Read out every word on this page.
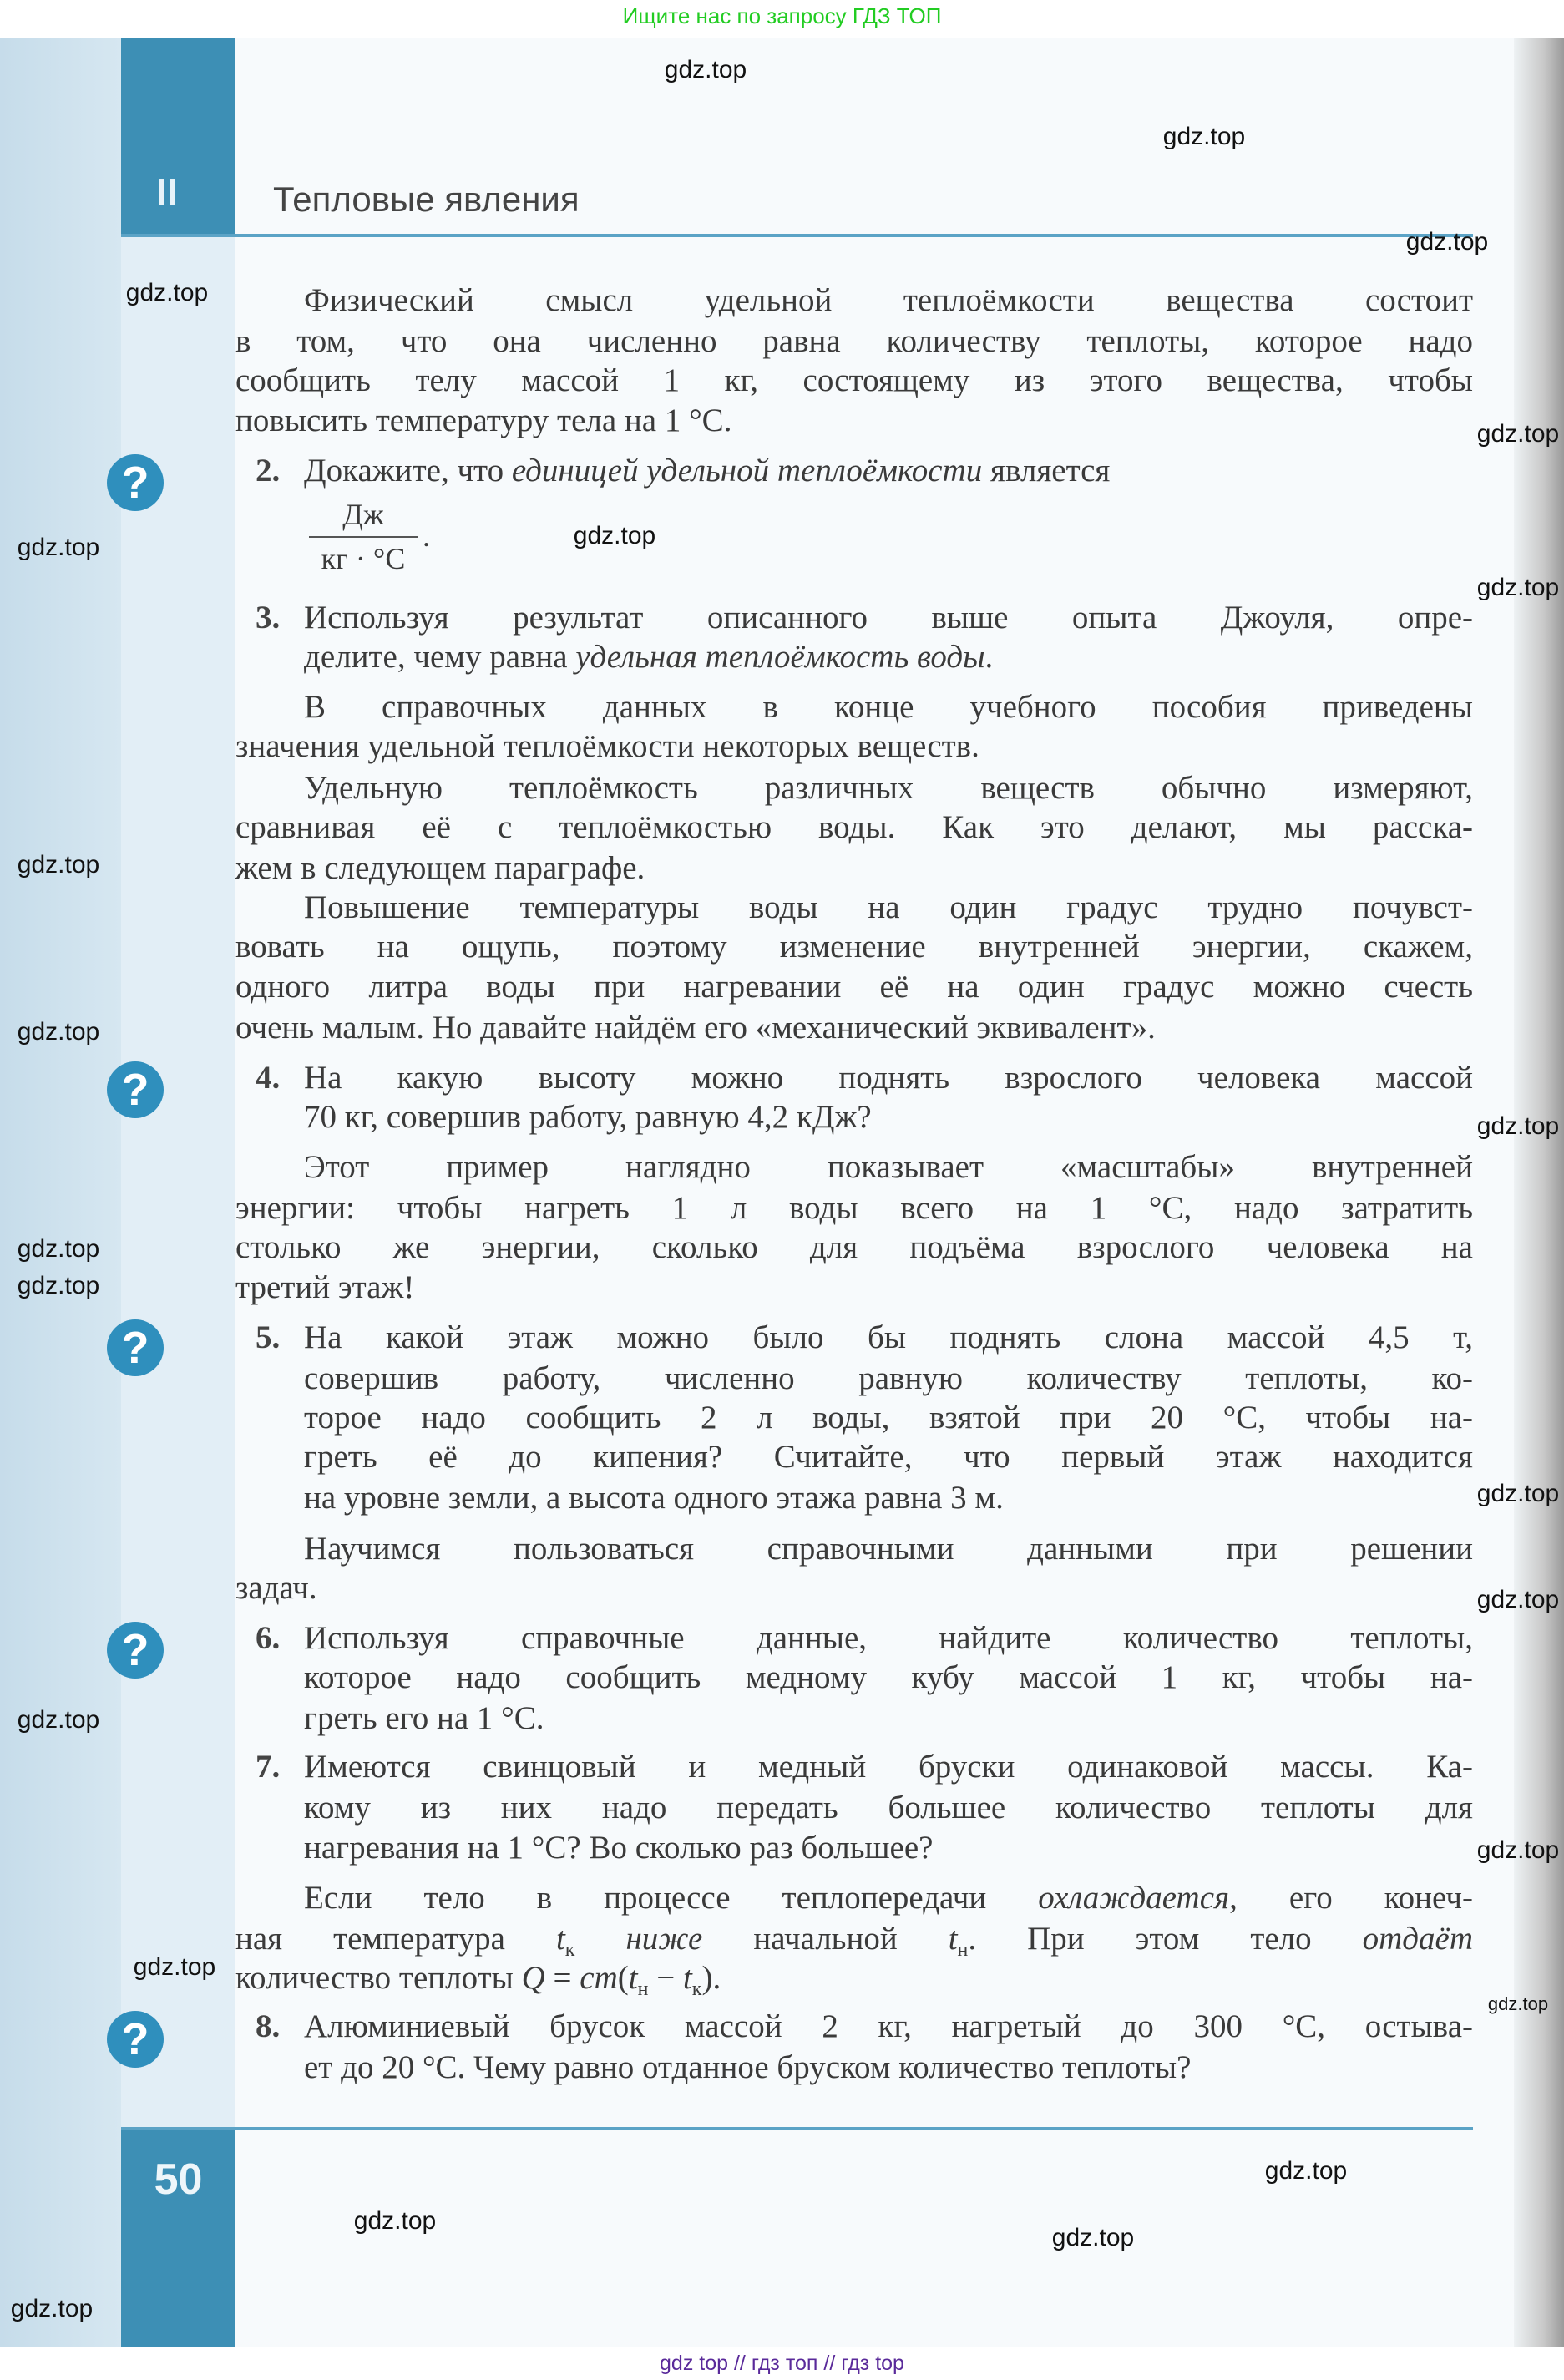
Ищите нас по запросу ГДЗ ТОП
II	Тепловые явления
50
Физический смысл удельной теплоёмкости вещества состоит
в том, что она численно равна количеству теплоты, которое надо
сообщить телу массой 1 кг, состоящему из этого вещества, чтобы
повысить температуру тела на 1 °C.
2. Докажите, что единицей удельной теплоёмкости является
3. Используя результат описанного выше опыта Джоуля, опре-
делите, чему равна удельная теплоёмкость воды.
В справочных данных в конце учебного пособия приведены
значения удельной теплоёмкости некоторых веществ.
Удельную теплоёмкость различных веществ обычно измеряют,
сравнивая её с теплоёмкостью воды. Как это делают, мы расска-
жем в следующем параграфе.
Повышение температуры воды на один градус трудно почувст-
вовать на ощупь, поэтому изменение внутренней энергии, скажем,
одного литра воды при нагревании её на один градус можно счесть
очень малым. Но давайте найдём его «механический эквивалент».
4. На какую высоту можно поднять взрослого человека массой
70 кг, совершив работу, равную 4,2 кДж?
Этот пример наглядно показывает «масштабы» внутренней
энергии: чтобы нагреть 1 л воды всего на 1 °C, надо затратить
столько же энергии, сколько для подъёма взрослого человека на
третий этаж!
5. На какой этаж можно было бы поднять слона массой 4,5 т,
совершив работу, численно равную количеству теплоты, ко-
торое надо сообщить 2 л воды, взятой при 20 °C, чтобы на-
греть её до кипения? Считайте, что первый этаж находится
на уровне земли, а высота одного этажа равна 3 м.
Научимся пользоваться справочными данными при решении
задач.
6. Используя справочные данные, найдите количество теплоты,
которое надо сообщить медному кубу массой 1 кг, чтобы на-
греть его на 1 °C.
7. Имеются свинцовый и медный бруски одинаковой массы. Ка-
кому из них надо передать большее количество теплоты для
нагревания на 1 °C? Во сколько раз большее?
Если тело в процессе теплопередачи охлаждается, его конеч-
ная температура $t_к$ ниже начальной $t_н$. При этом тело отдаёт
количество теплоты $Q = cm(t_н - t_к)$.
8. Алюминиевый брусок массой 2 кг, нагретый до 300 °C, остыва-
ет до 20 °C. Чему равно отданное бруском количество теплоты?
?
?
?
?
?
Дж
кг · °C
.
gdz.top
gdz.top
gdz.top
gdz.top
gdz.top
gdz.top
gdz.top
gdz.top
gdz.top
gdz.top
gdz.top
gdz.top
gdz.top
gdz.top
gdz.top
gdz.top
gdz.top
gdz.top
gdz.top
gdz.top
gdz.top
gdz.top
gdz.top
gdz top // гдз топ // гдз top
